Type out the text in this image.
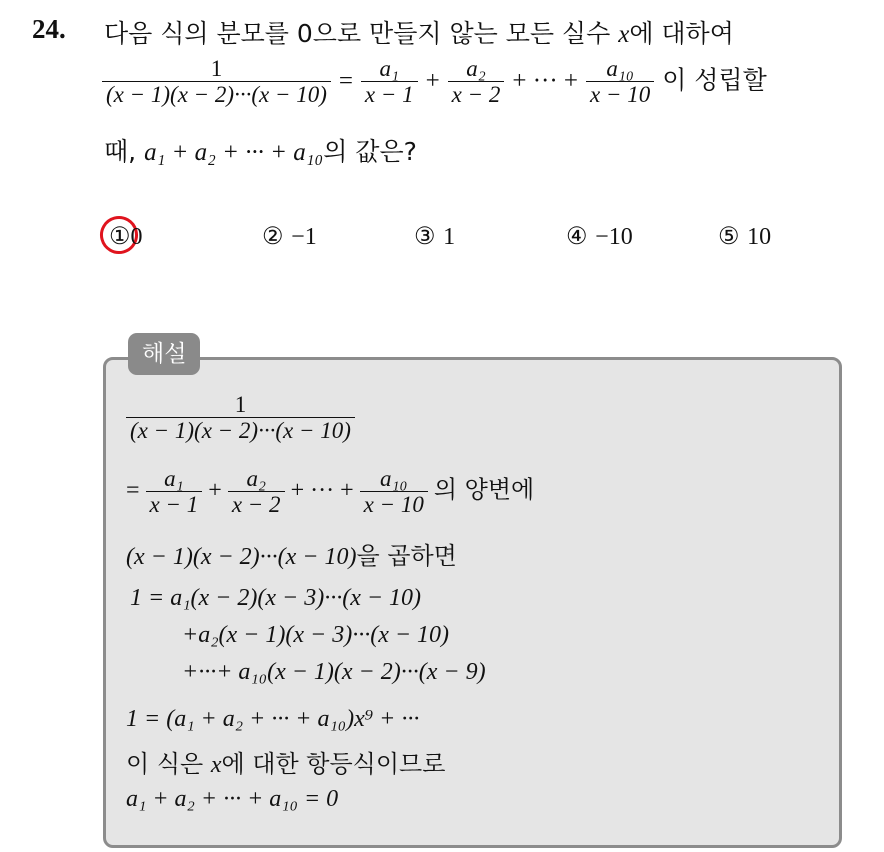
24. 다음 식의 분모를 0으로 만들지 않는 모든 실수 x에 대하여
$\frac{1}{(x - 1)(x - 2)\cdot\cdot\cdot(x - 10)} = \frac{\text{a₁}}{x - 1} + \frac{\text{a₂}}{x - 2}$ + ··· + $\frac{\text{a₁₀}}{x - 10}$ 이 성립할
때, a₁ + a₂ + ··· + a₁₀의 값은?
①0	② −1	③ 1	④ −10	⑤ 10
해설
$\frac{1}{(x - 1)(x - 2)\cdot\cdot\cdot(x - 10)}$
= $\frac{\text{a₁}}{x - 1} + \frac{\text{a₂}}{x - 2}$ + ··· + $\frac{\text{a₁₀}}{x - 10}$ 의 양변에
(x − 1)(x − 2)···(x − 10)을 곱하면
1 = a₁(x − 2)(x − 3)···(x − 10)
+a₂(x − 1)(x − 3)···(x − 10)
+···+ a₁₀(x − 1)(x − 2)···(x − 9)
1 = (a₁ + a₂ + ··· + a₁₀)x⁹ + ···
이 식은 x에 대한 항등식이므로
a₁ + a₂ + ··· + a₁₀ = 0
